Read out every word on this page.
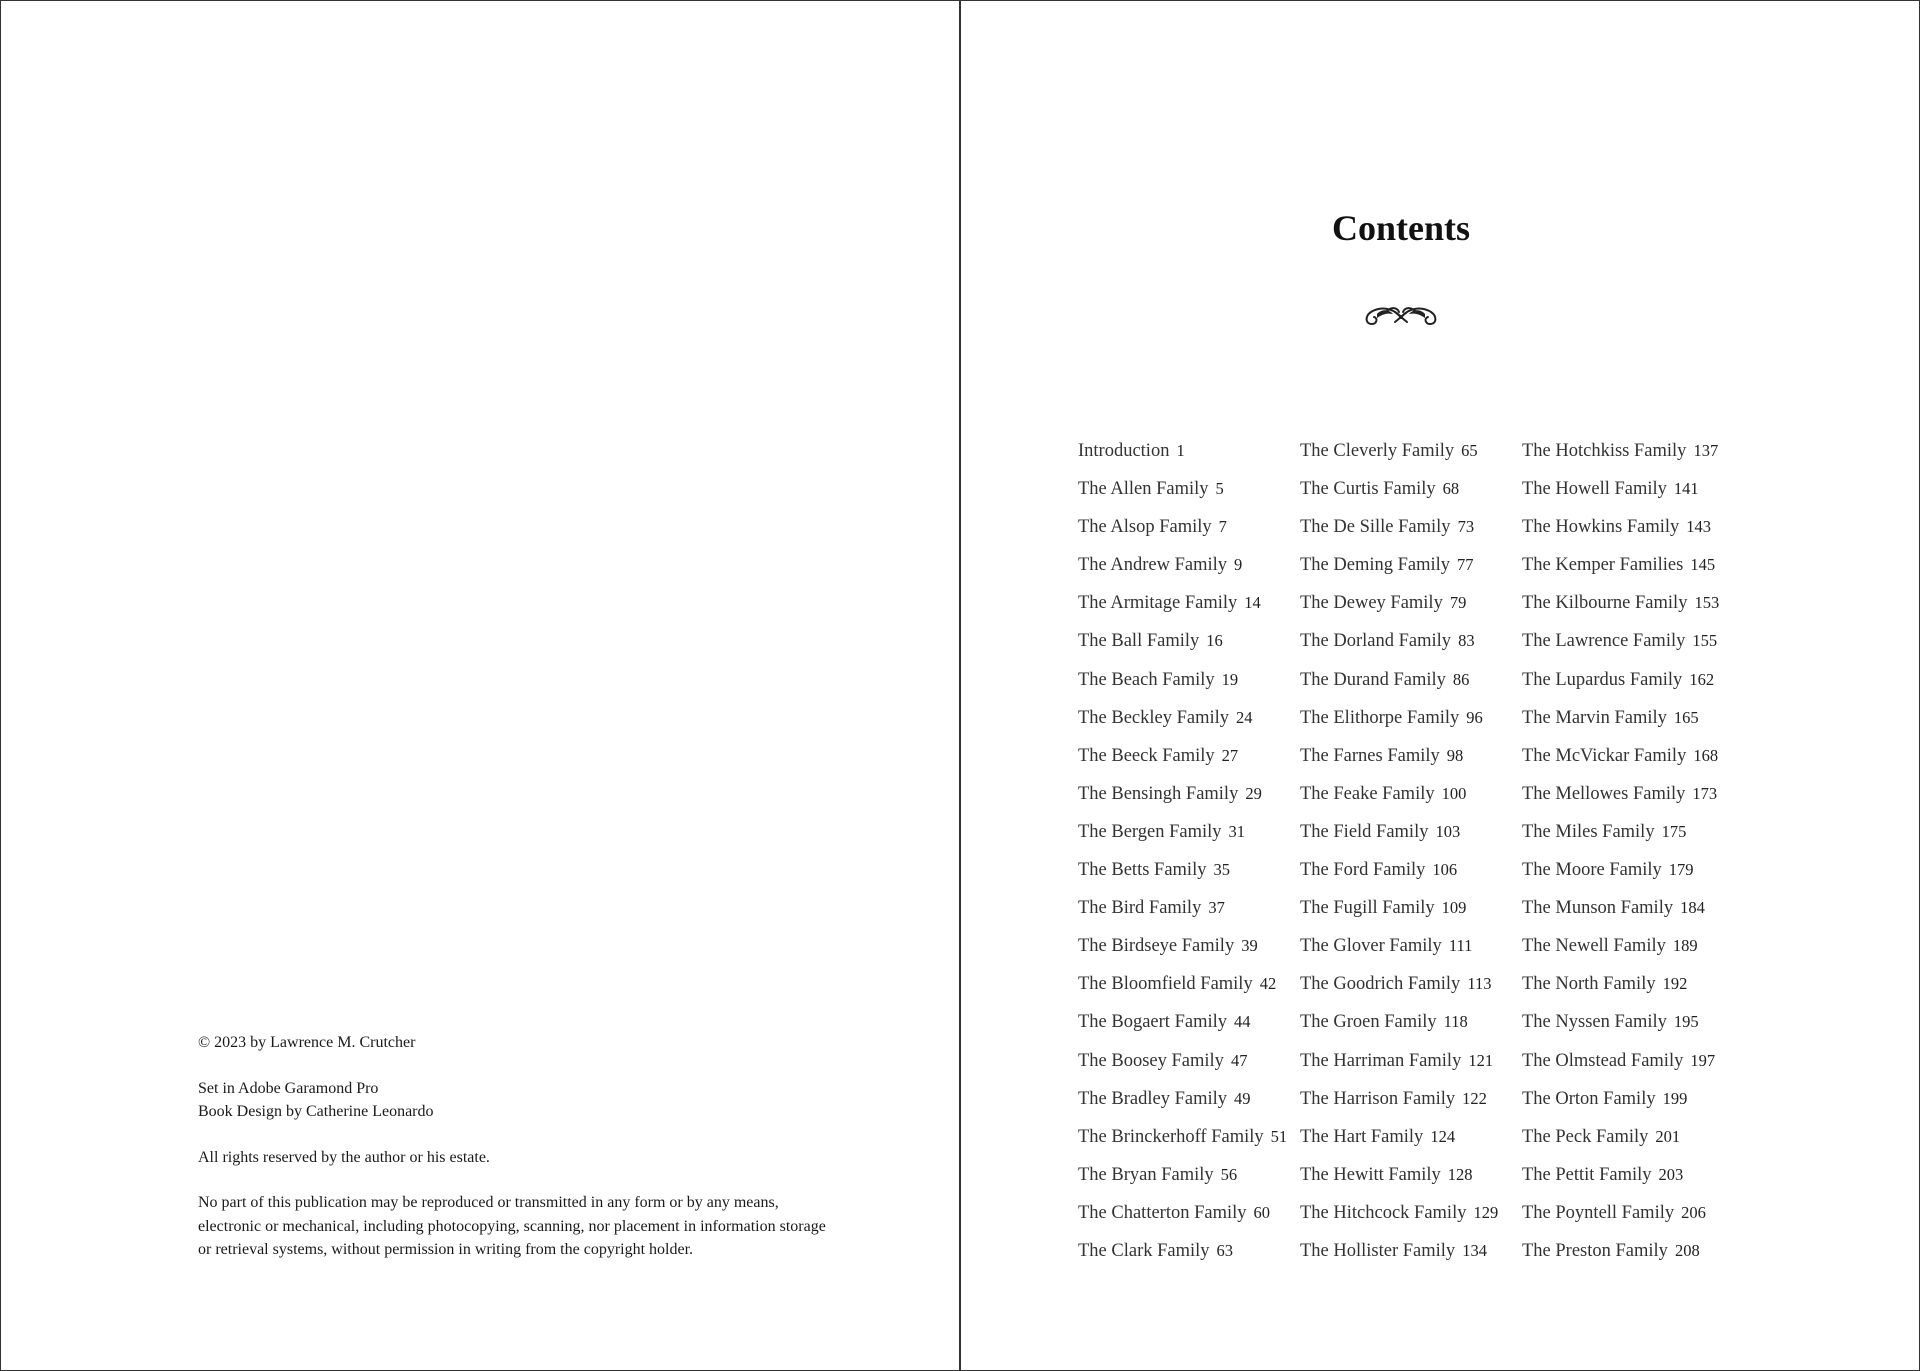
© 2023 by Lawrence M. Crutcher

Set in Adobe Garamond Pro

Book Design by Catherine Leonardo

All rights reserved by the author or his estate.

No part of this publication may be reproduced or transmitted in any form or by any means, electronic or mechanical, including photocopying, scanning, nor placement in information storage or retrieval systems, without permission in writing from the copyright holder.

Contents
Introduction 1
The Allen Family 5
The Alsop Family 7
The Andrew Family 9
The Armitage Family 14
The Ball Family 16
The Beach Family 19
The Beckley Family 24
The Beeck Family 27
The Bensingh Family 29
The Bergen Family 31
The Betts Family 35
The Bird Family 37
The Birdseye Family 39
The Bloomfield Family 42
The Bogaert Family 44
The Boosey Family 47
The Bradley Family 49
The Brinckerhoff Family 51
The Bryan Family 56
The Chatterton Family 60
The Clark Family 63
The Cleverly Family 65
The Curtis Family 68
The De Sille Family 73
The Deming Family 77
The Dewey Family 79
The Dorland Family 83
The Durand Family 86
The Elithorpe Family 96
The Farnes Family 98
The Feake Family 100
The Field Family 103
The Ford Family 106
The Fugill Family 109
The Glover Family 111
The Goodrich Family 113
The Groen Family 118
The Harriman Family 121
The Harrison Family 122
The Hart Family 124
The Hewitt Family 128
The Hitchcock Family 129
The Hollister Family 134
The Hotchkiss Family 137
The Howell Family 141
The Howkins Family 143
The Kemper Families 145
The Kilbourne Family 153
The Lawrence Family 155
The Lupardus Family 162
The Marvin Family 165
The McVickar Family 168
The Mellowes Family 173
The Miles Family 175
The Moore Family 179
The Munson Family 184
The Newell Family 189
The North Family 192
The Nyssen Family 195
The Olmstead Family 197
The Orton Family 199
The Peck Family 201
The Pettit Family 203
The Poyntell Family 206
The Preston Family 208
